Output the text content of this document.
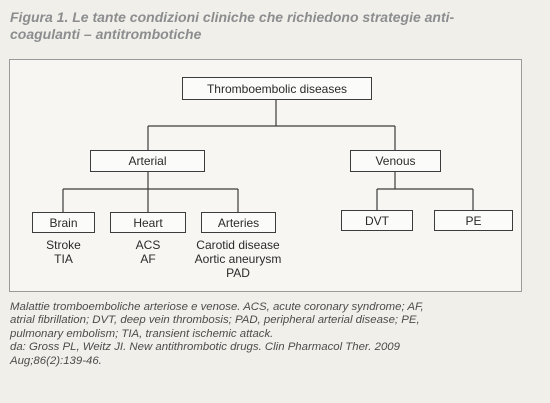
Figura 1. Le tante condizioni cliniche che richiedono strategie anti-
coagulanti – antitrombotiche
Thromboembolic diseases
Arterial	Venous
Brain	Heart	Arteries	DVT	PE
Stroke
TIA
ACS
AF
Carotid disease
Aortic aneurysm
PAD
Malattie tromboemboliche arteriose e venose. ACS, acute coronary syndrome; AF,
atrial fibrillation; DVT, deep vein thrombosis; PAD, peripheral arterial disease; PE,
pulmonary embolism; TIA, transient ischemic attack.
da: Gross PL, Weitz JI. New antithrombotic drugs. Clin Pharmacol Ther. 2009
Aug;86(2):139-46.
